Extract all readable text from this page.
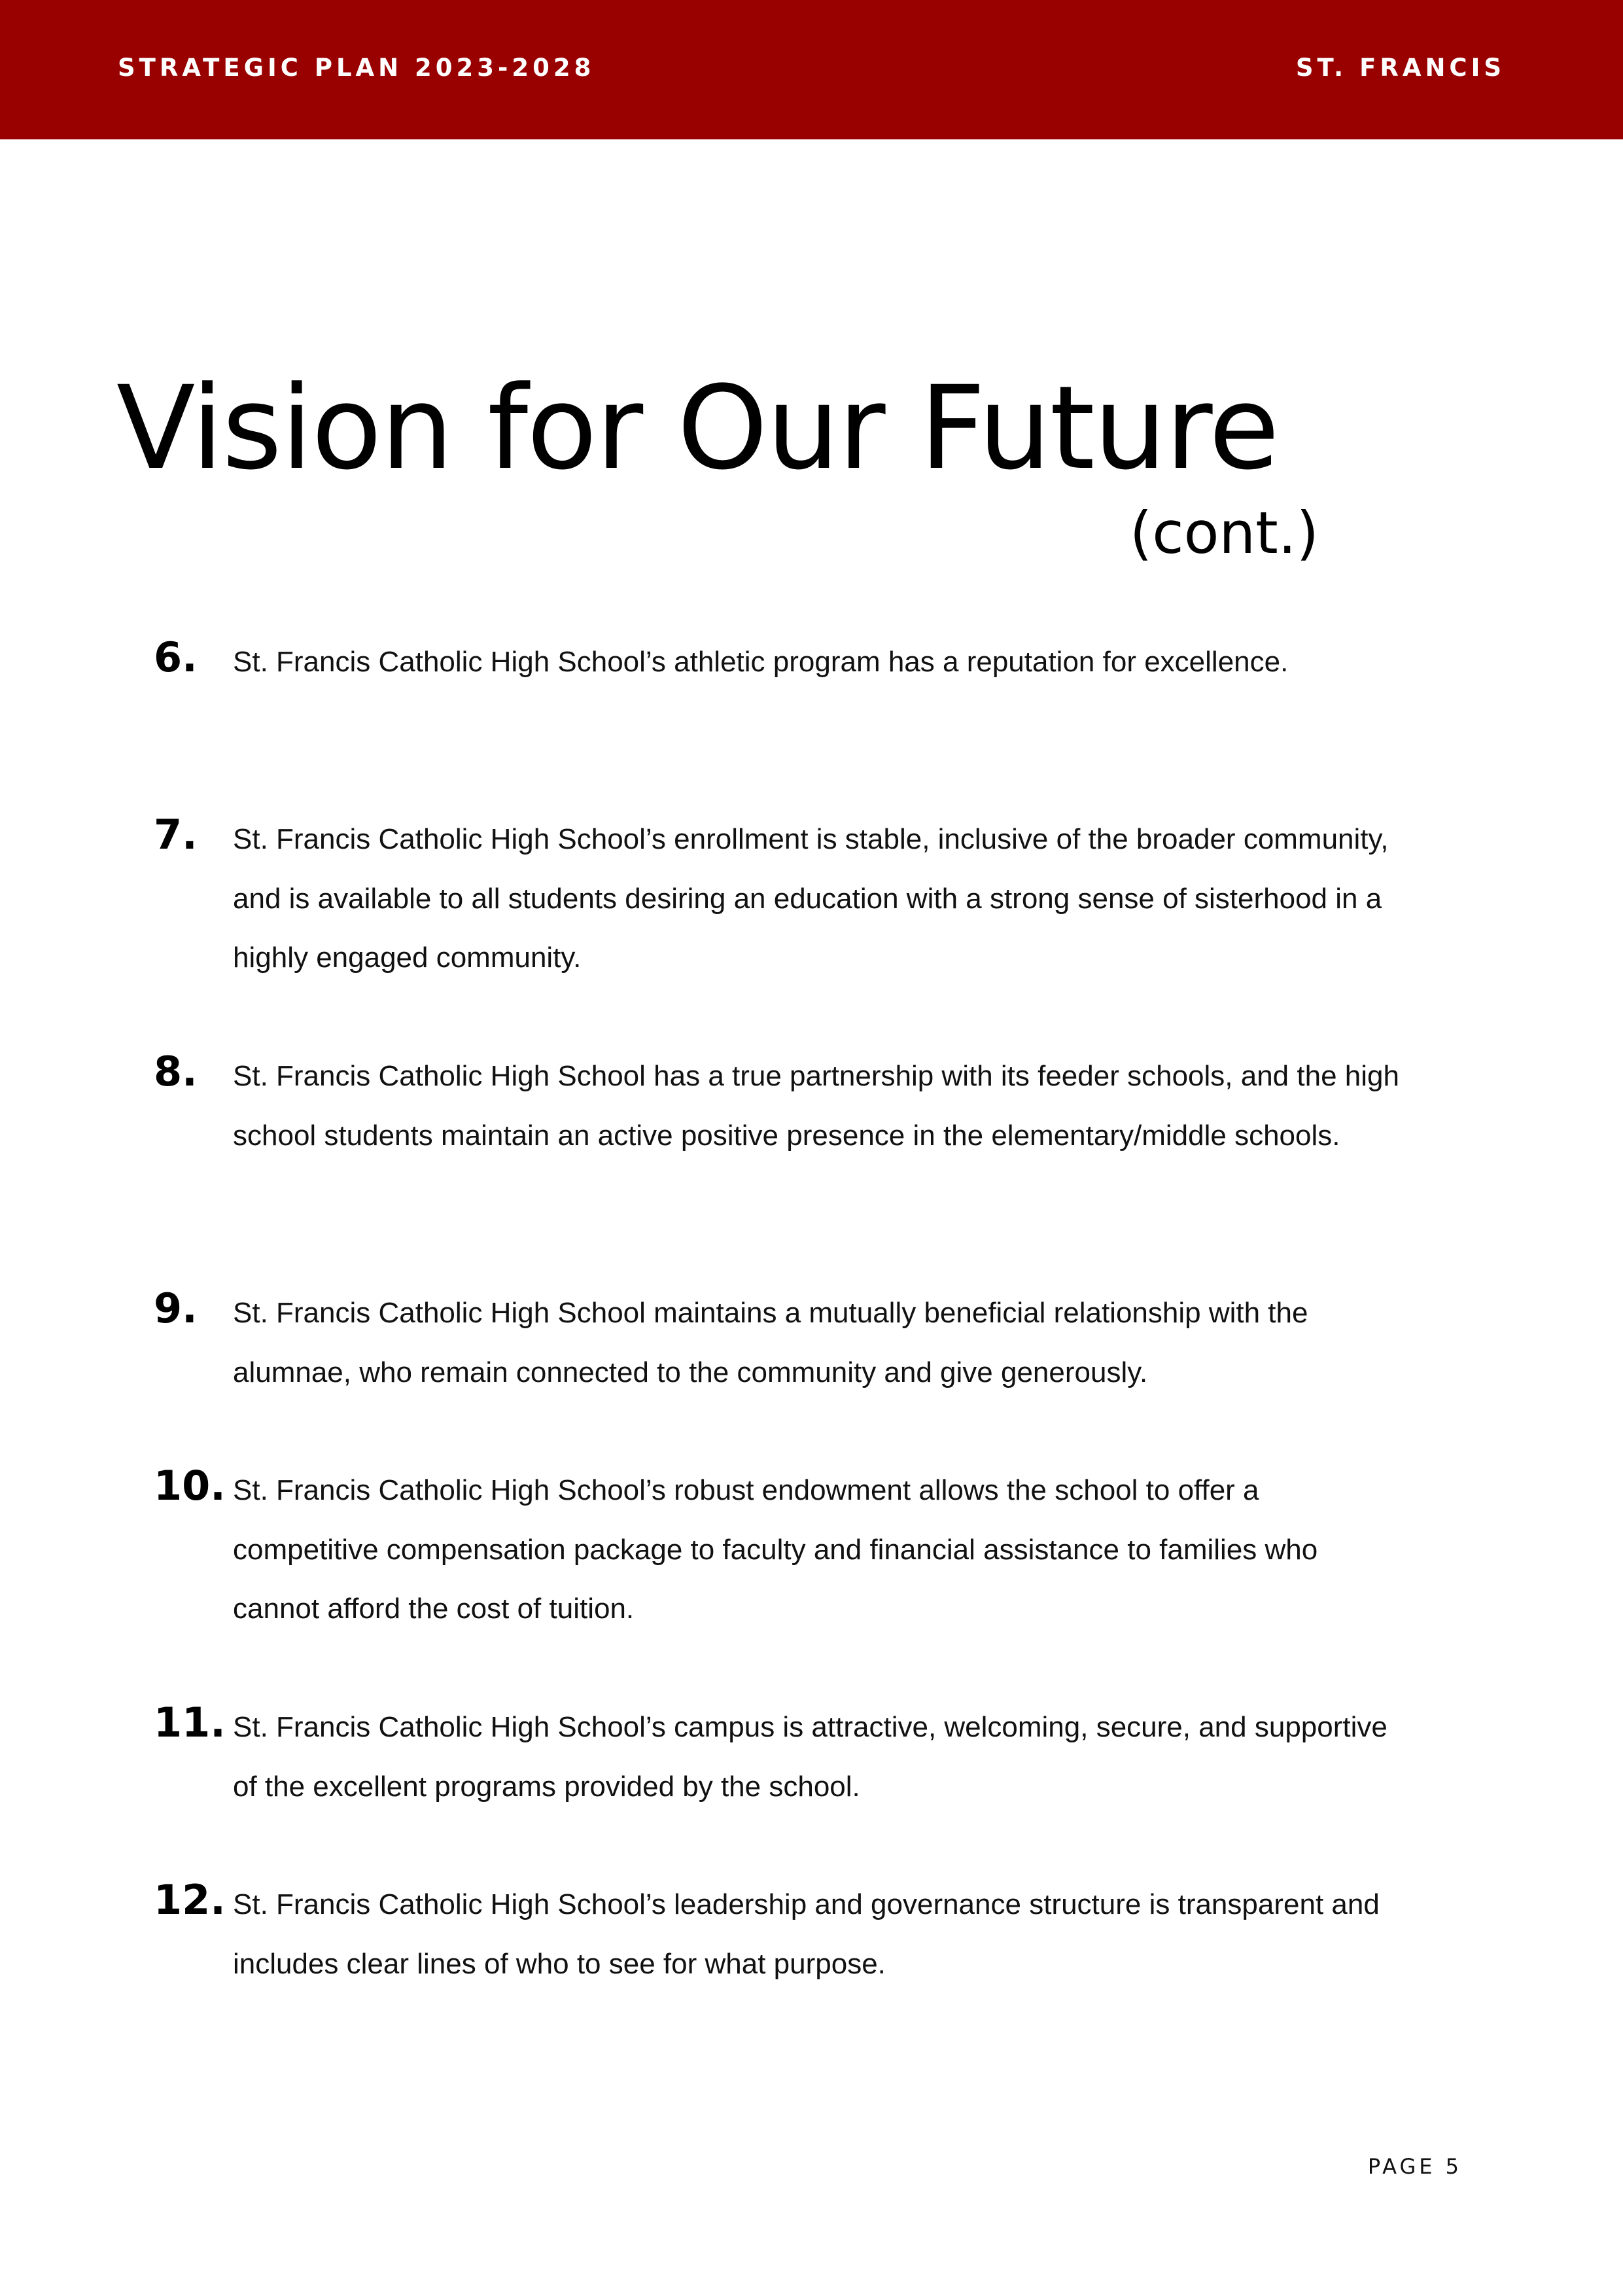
STRATEGIC PLAN 2023-2028	ST. FRANCIS
Vision for Our Future
(cont.)
6. St. Francis Catholic High School’s athletic program has a reputation for excellence.

7. St. Francis Catholic High School’s enrollment is stable, inclusive of the broader community, and is available to all students desiring an education with a strong sense of sisterhood in a highly engaged community.

8. St. Francis Catholic High School has a true partnership with its feeder schools, and the high school students maintain an active positive presence in the elementary/middle schools.

9. St. Francis Catholic High School maintains a mutually beneficial relationship with the alumnae, who remain connected to the community and give generously.

10. St. Francis Catholic High School’s robust endowment allows the school to offer a competitive compensation package to faculty and financial assistance to families who cannot afford the cost of tuition.

11. St. Francis Catholic High School’s campus is attractive, welcoming, secure, and supportive of the excellent programs provided by the school.

12. St. Francis Catholic High School’s leadership and governance structure is transparent and includes clear lines of who to see for what purpose.

PAGE 5
